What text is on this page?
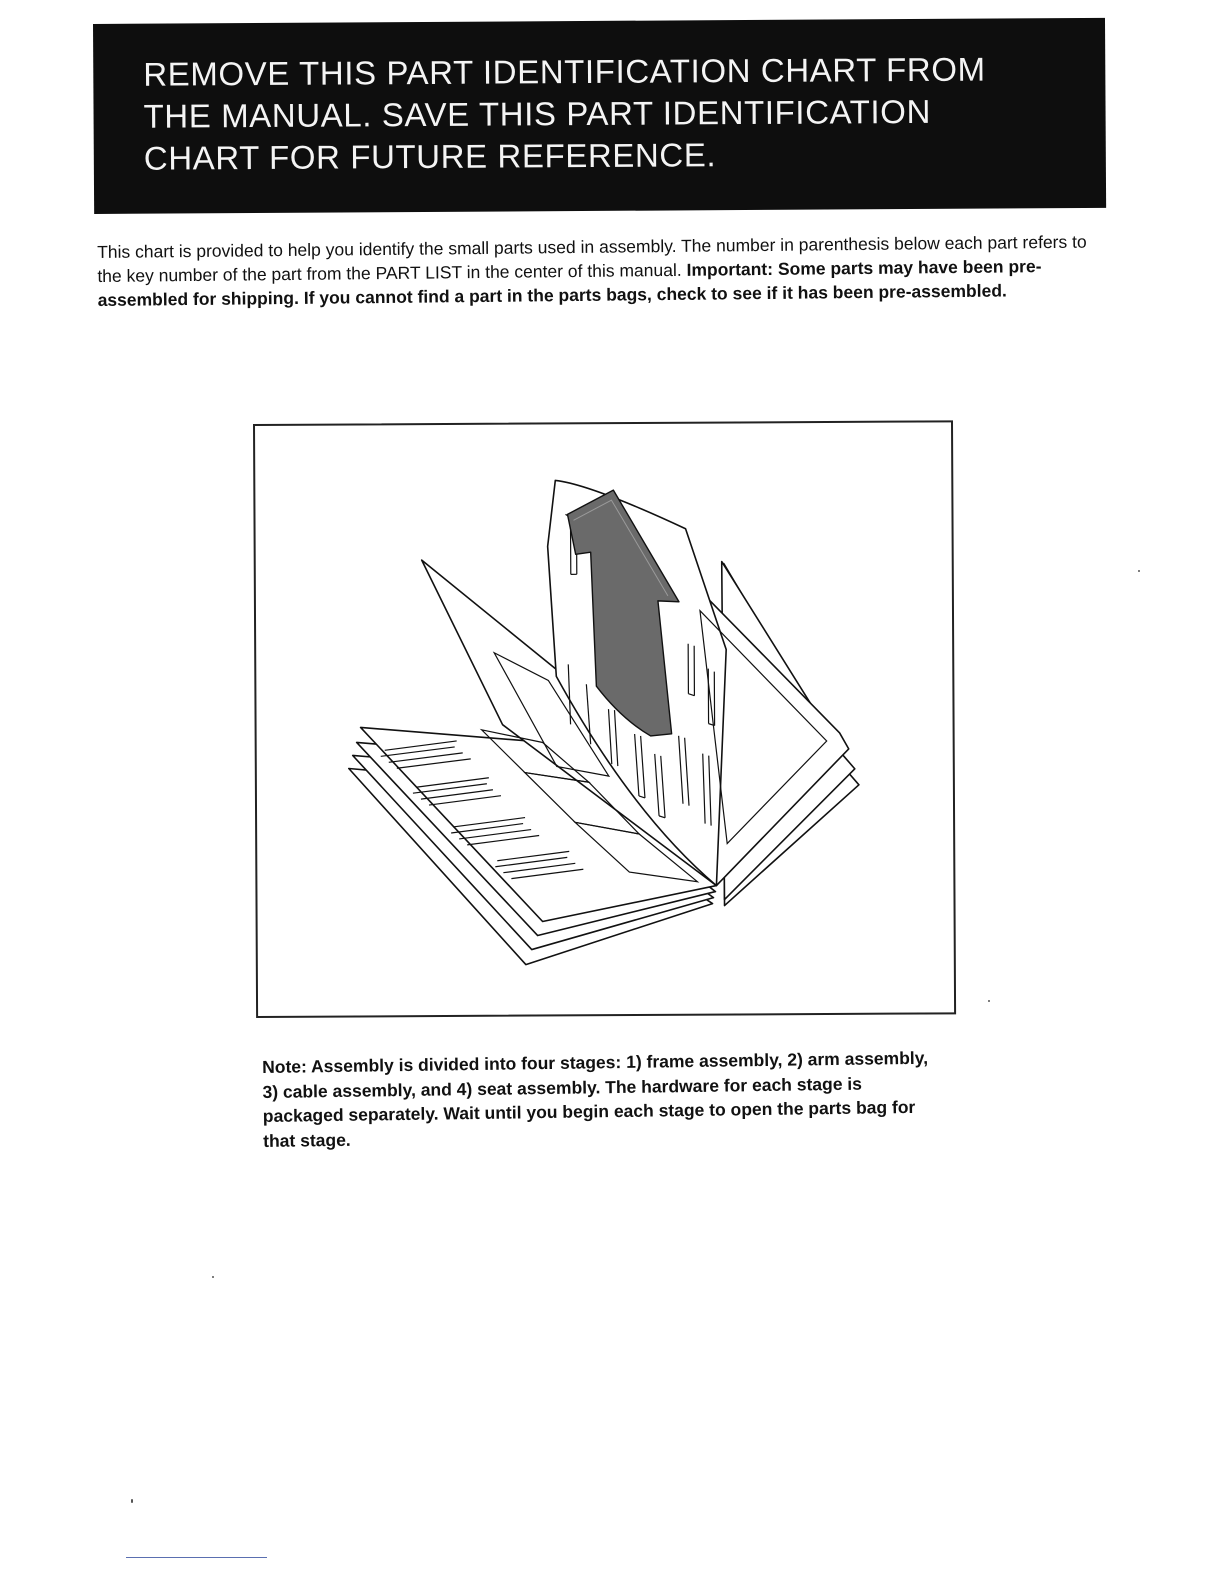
REMOVE THIS PART IDENTIFICATION CHART FROM
THE MANUAL. SAVE THIS PART IDENTIFICATION
CHART FOR FUTURE REFERENCE.
This chart is provided to help you identify the small parts used in assembly. The number in parenthesis below each part refers to the key number of the part from the PART LIST in the center of this manual. Important: Some parts may have been pre-assembled for shipping. If you cannot find a part in the parts bags, check to see if it has been pre-assembled.
Note: Assembly is divided into four stages: 1) frame assembly, 2) arm assembly, 3) cable assembly, and 4) seat assembly. The hardware for each stage is packaged separately. Wait until you begin each stage to open the parts bag for that stage.
